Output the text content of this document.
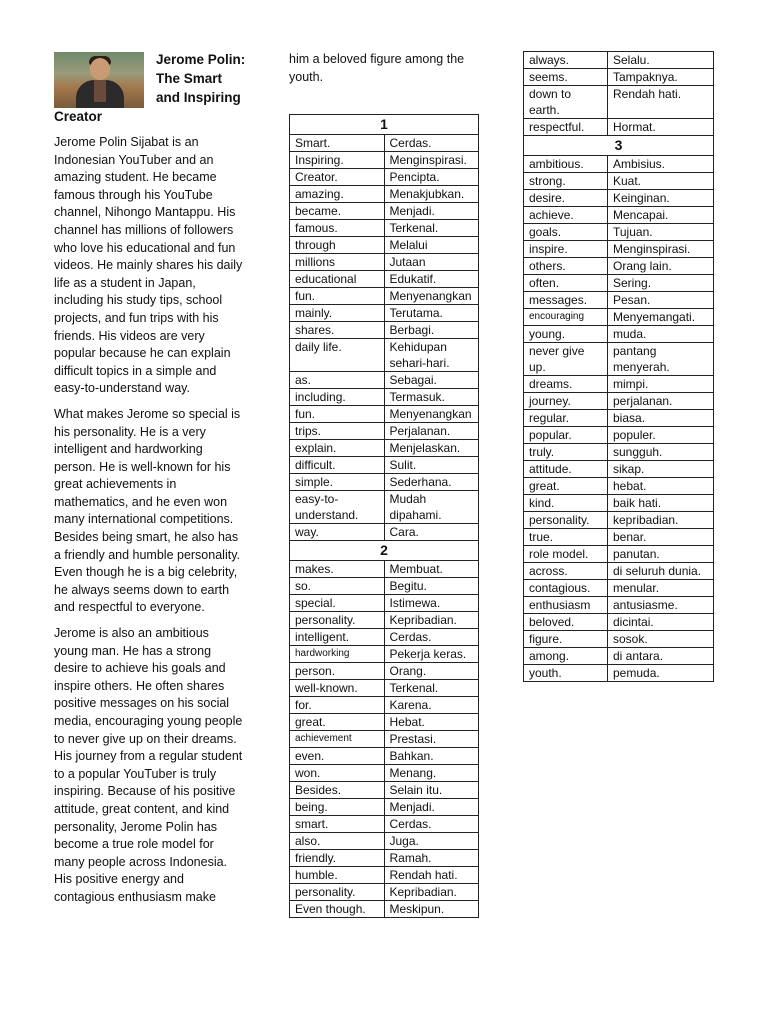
Jerome Polin:
The Smart
and Inspiring
Creator

Jerome Polin Sijabat is an Indonesian YouTuber and an amazing student. He became famous through his YouTube channel, Nihongo Mantappu. His channel has millions of followers who love his educational and fun videos. He mainly shares his daily life as a student in Japan, including his study tips, school projects, and fun trips with his friends. His videos are very popular because he can explain difficult topics in a simple and easy-to-understand way.

What makes Jerome so special is his personality. He is a very intelligent and hardworking person. He is well-known for his great achievements in mathematics, and he even won many international competitions. Besides being smart, he also has a friendly and humble personality. Even though he is a big celebrity, he always seems down to earth and respectful to everyone.

Jerome is also an ambitious young man. He has a strong desire to achieve his goals and inspire others. He often shares positive messages on his social media, encouraging young people to never give up on their dreams. His journey from a regular student to a popular YouTuber is truly inspiring. Because of his positive attitude, great content, and kind personality, Jerome Polin has become a true role model for many people across Indonesia. His positive energy and contagious enthusiasm make

him a beloved figure among the youth.
1	
Smart.	Cerdas.
Inspiring.	Menginspirasi.
Creator.	Pencipta.
amazing.	Menakjubkan.
became.	Menjadi.
famous.	Terkenal.
through	Melalui
millions	Jutaan
educational	Edukatif.
fun.	Menyenangkan
mainly.	Terutama.
shares.	Berbagi.
daily life.	Kehidupan sehari-hari.
as.	Sebagai.
including.	Termasuk.
fun.	Menyenangkan
trips.	Perjalanan.
explain.	Menjelaskan.
difficult.	Sulit.
simple.	Sederhana.
easy-to-understand.	Mudah dipahami.
way.	Cara.
2	
makes.	Membuat.
so.	Begitu.
special.	Istimewa.
personality.	Kepribadian.
intelligent.	Cerdas.
hardworking	Pekerja keras.
person.	Orang.
well-known.	Terkenal.
for.	Karena.
great.	Hebat.
achievement	Prestasi.
even.	Bahkan.
won.	Menang.
Besides.	Selain itu.
being.	Menjadi.
smart.	Cerdas.
also.	Juga.
friendly.	Ramah.
humble.	Rendah hati.
personality.	Kepribadian.
Even though.	Meskipun.
always.	Selalu.
seems.	Tampaknya.
down to earth.	Rendah hati.
respectful.	Hormat.
3	
ambitious.	Ambisius.
strong.	Kuat.
desire.	Keinginan.
achieve.	Mencapai.
goals.	Tujuan.
inspire.	Menginspirasi.
others.	Orang lain.
often.	Sering.
messages.	Pesan.
encouraging	Menyemangati.
young.	muda.
never give up.	pantang menyerah.
dreams.	mimpi.
journey.	perjalanan.
regular.	biasa.
popular.	populer.
truly.	sungguh.
attitude.	sikap.
great.	hebat.
kind.	baik hati.
personality.	kepribadian.
true.	benar.
role model.	panutan.
across.	di seluruh dunia.
contagious.	menular.
enthusiasm	antusiasme.
beloved.	dicintai.
figure.	sosok.
among.	di antara.
youth.	pemuda.
